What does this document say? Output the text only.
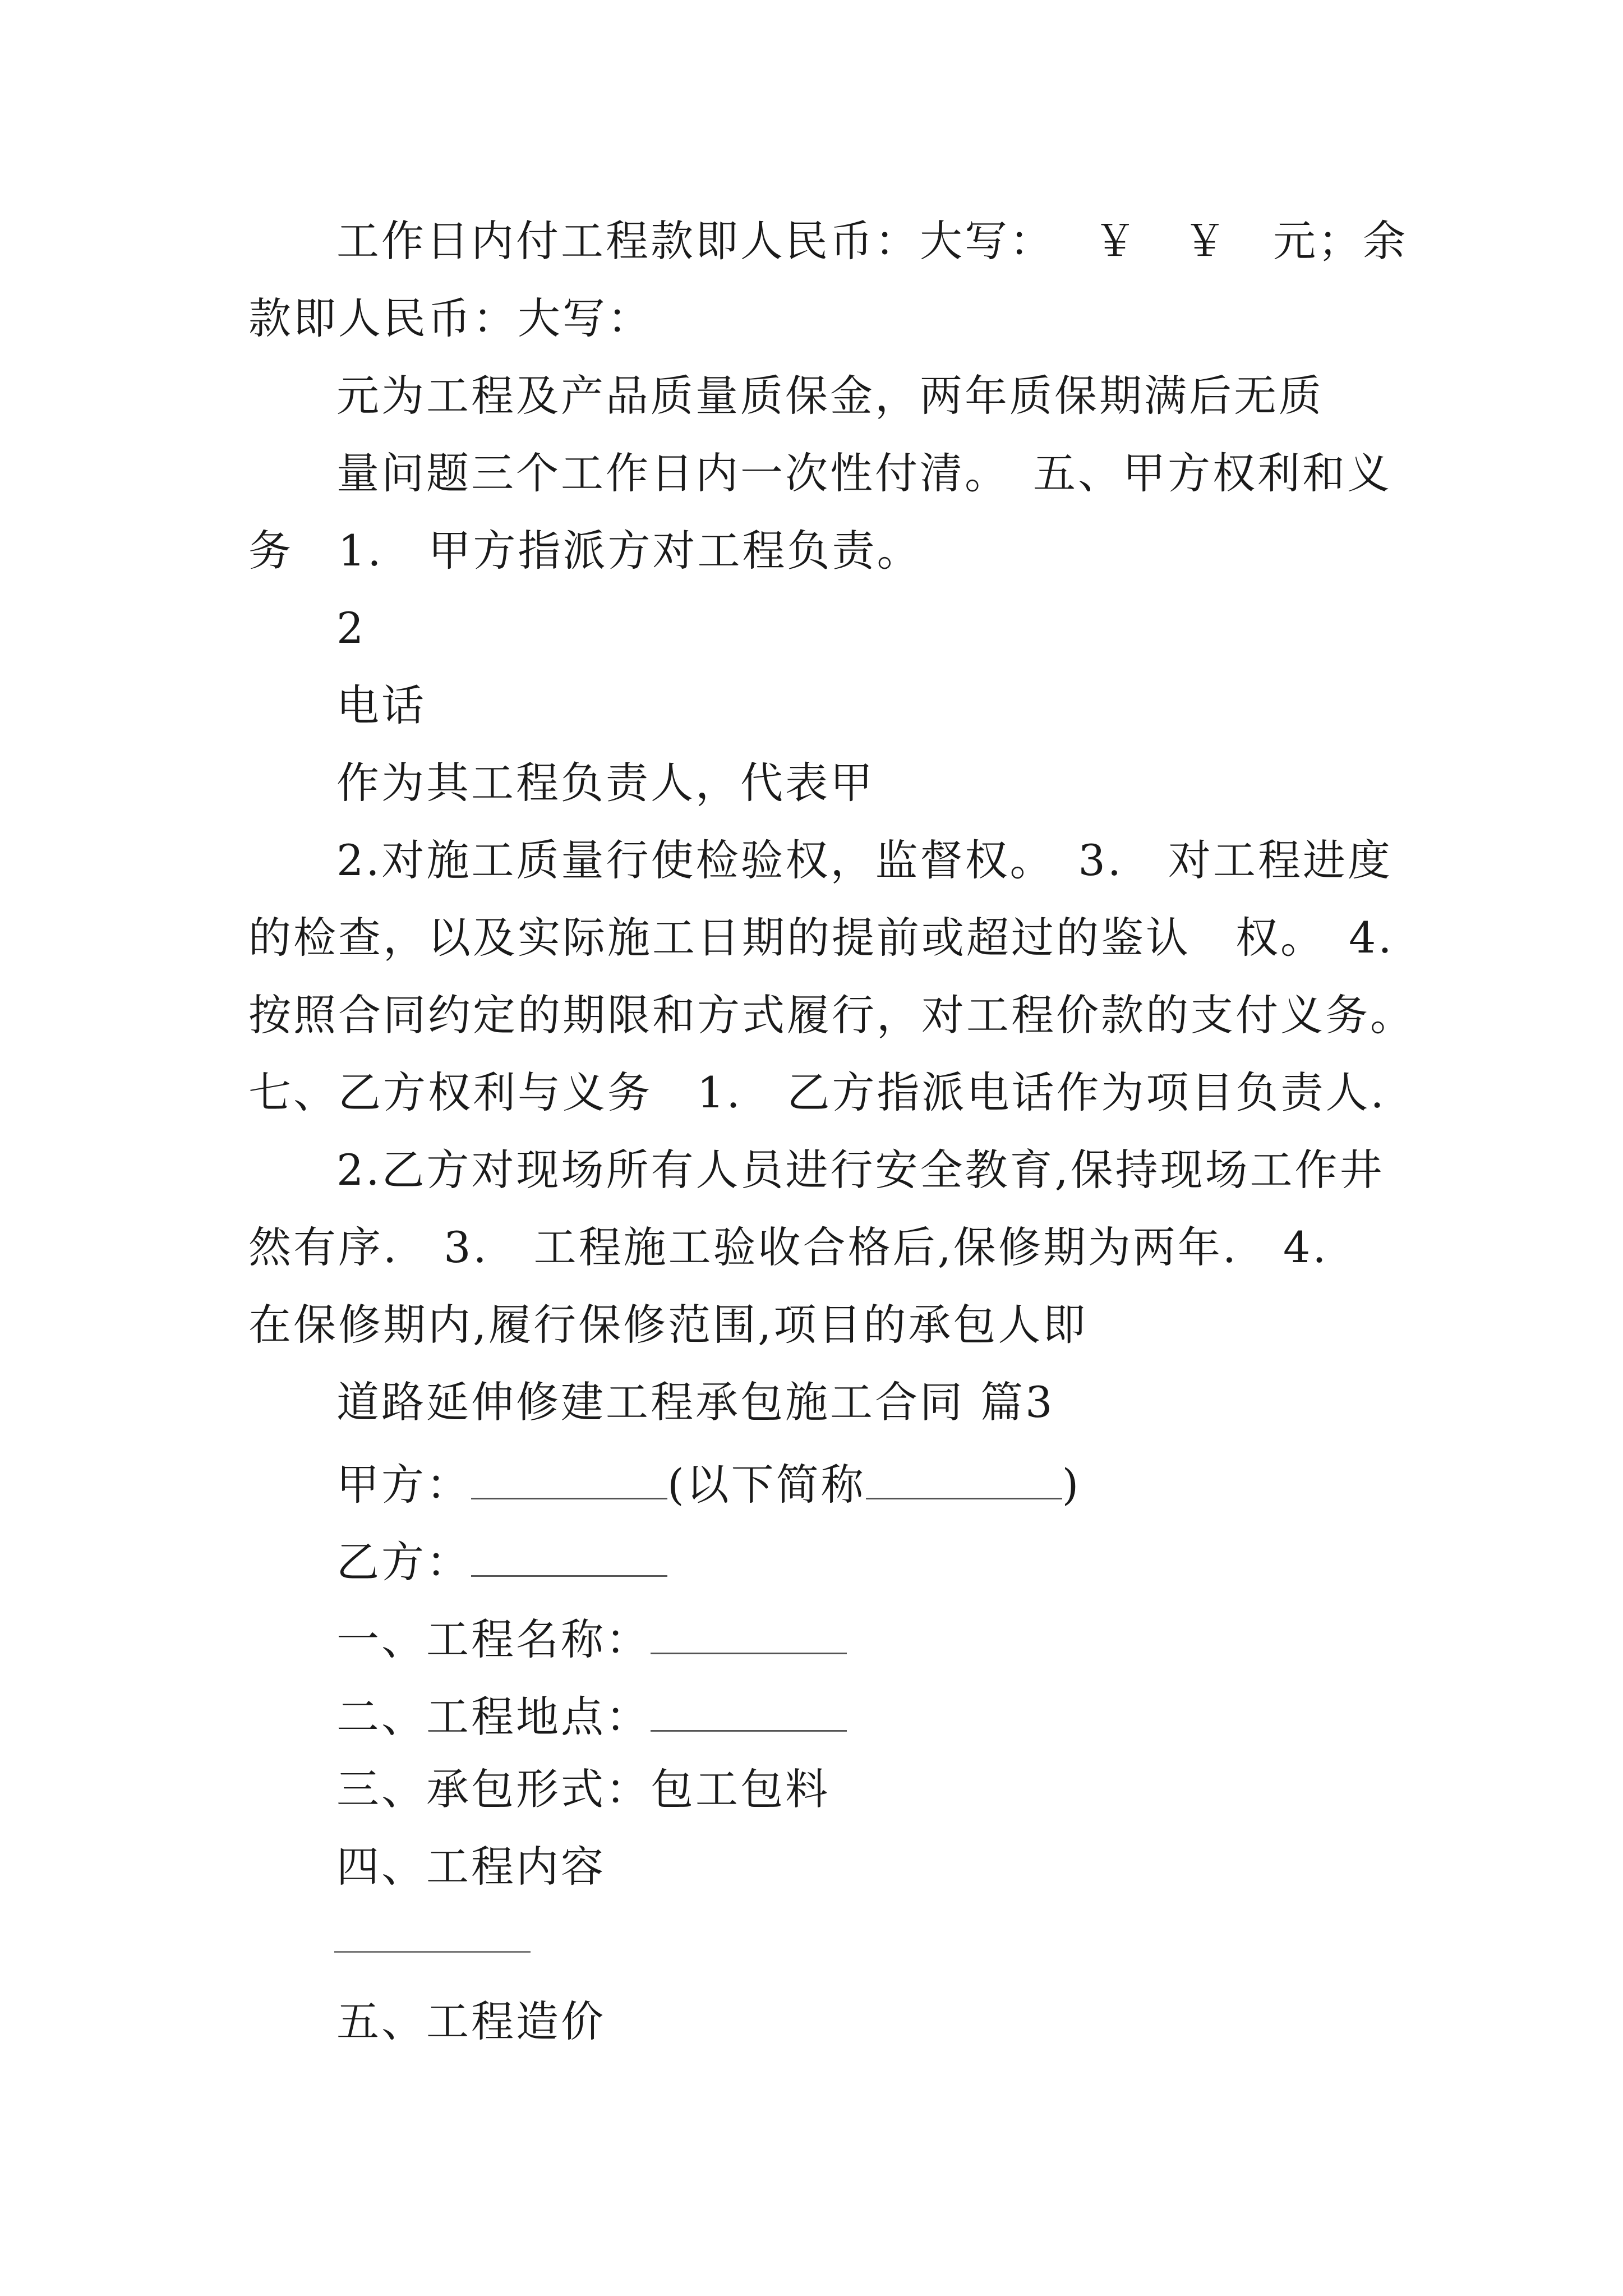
工作日内付工程款即人民币：大写：　 ￥　￥　元；余
款即人民币：大写：
元为工程及产品质量质保金，两年质保期满后无质
量问题三个工作日内一次性付清。　五、甲方权利和义
务　1.　甲方指派方对工程负责。
2
电话
作为其工程负责人，代表甲
2.对施工质量行使检验权，监督权。　3.　对工程进度
的检查，以及实际施工日期的提前或超过的鉴认　权。　4.
按照合同约定的期限和方式履行，对工程价款的支付义务。
七、乙方权利与义务　1.　乙方指派电话作为项目负责人.
2.乙方对现场所有人员进行安全教育,保持现场工作井
然有序.　3.　工程施工验收合格后,保修期为两年.　4.
在保修期内,履行保修范围,项目的承包人即
道路延伸修建工程承包施工合同 篇3
甲方：	(以下简称	)
乙方：
一、工程名称：
二、工程地点：
三、承包形式：包工包料
四、工程内容
五、工程造价
